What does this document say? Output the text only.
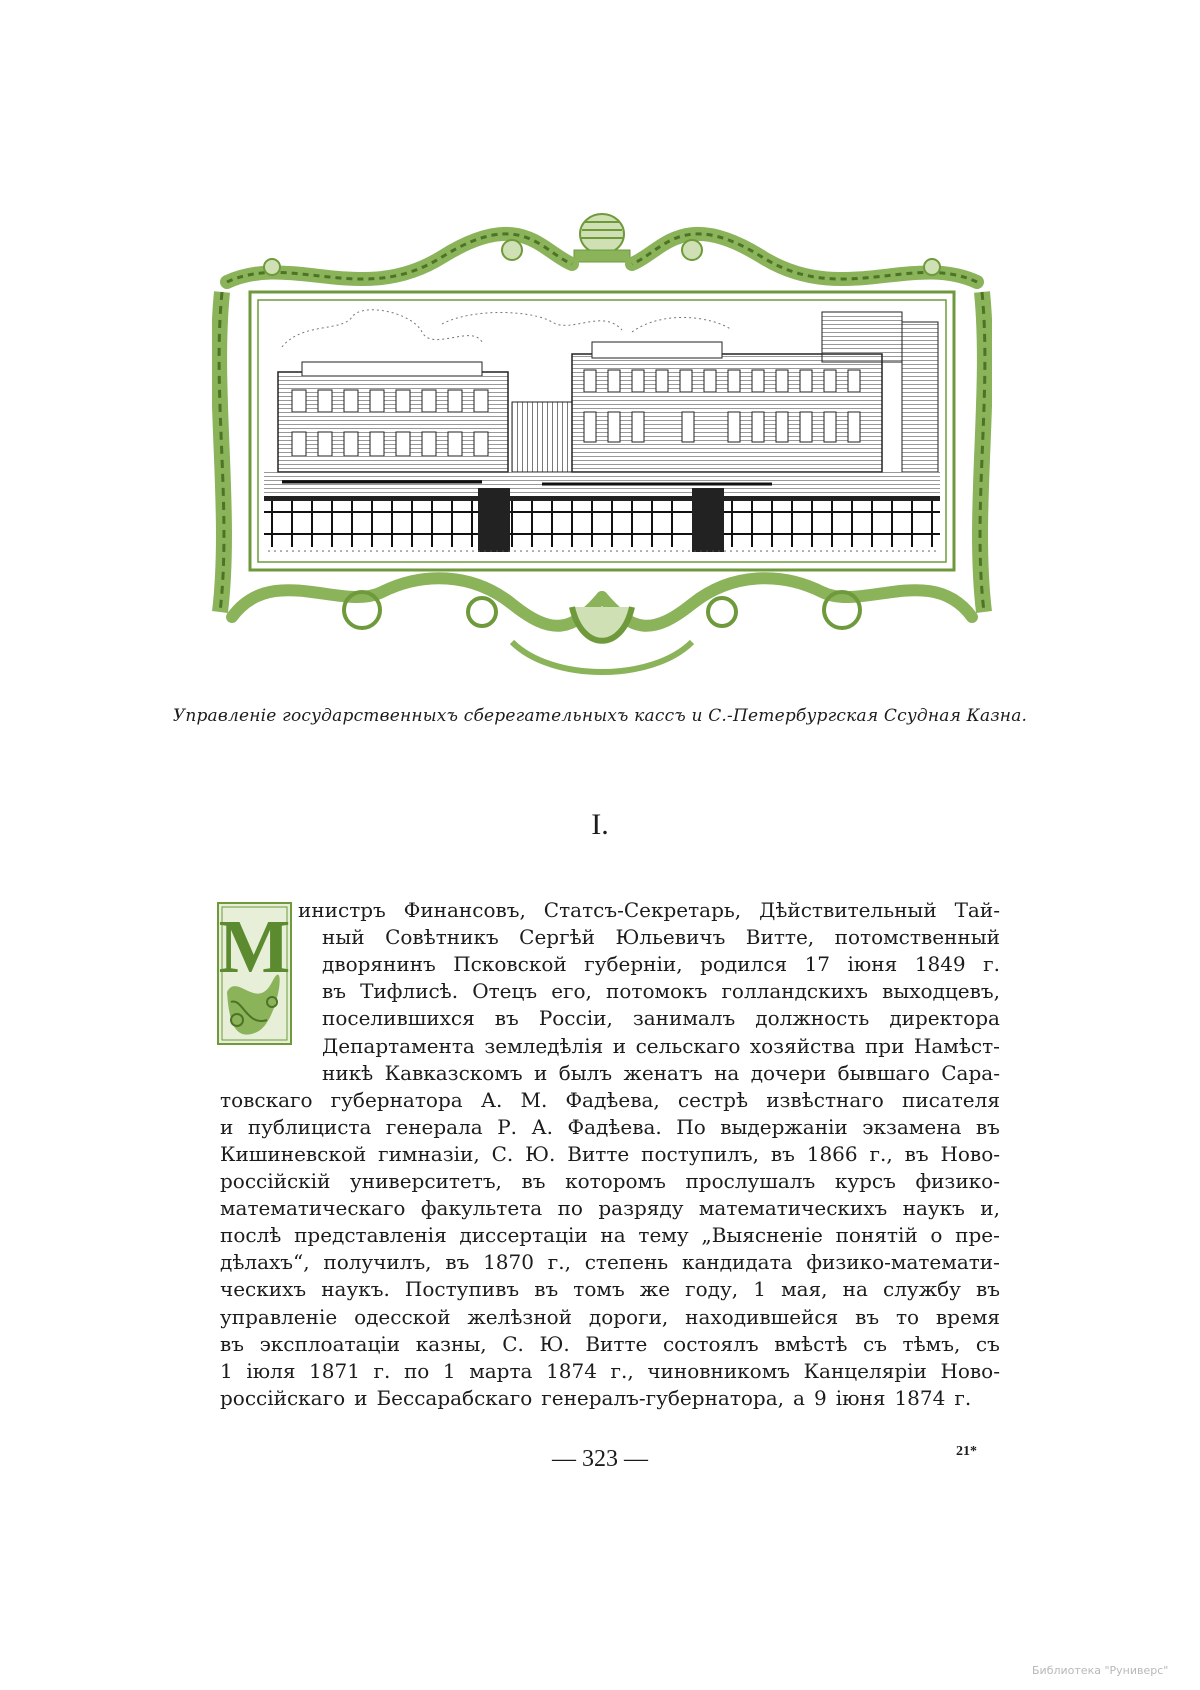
Управленіе государственныхъ сберегательныхъ кассъ и С.-Петербургская Ссудная Казна.
I.
М инистръ Финансовъ, Статсъ-Секретарь, Дѣйствительный Тай-
ный Совѣтникъ Сергѣй Юльевичъ Витте, потомственный
дворянинъ Псковской губерніи, родился 17 іюня 1849 г.
въ Тифлисѣ. Отецъ его, потомокъ голландскихъ выходцевъ,
поселившихся въ Россіи, занималъ должность директора
Департамента земледѣлія и сельскаго хозяйства при Намѣст-
никѣ Кавказскомъ и былъ женатъ на дочери бывшаго Сара-
товскаго губернатора А. М. Фадѣева, сестрѣ извѣстнаго писателя
и публициста генерала Р. А. Фадѣева. По выдержаніи экзамена въ
Кишиневской гимназіи, С. Ю. Витте поступилъ, въ 1866 г., въ Ново-
россійскій университетъ, въ которомъ прослушалъ курсъ физико-
математическаго факультета по разряду математическихъ наукъ и,
послѣ представленія диссертаціи на тему „Выясненіе понятій о пре-
дѣлахъ“, получилъ, въ 1870 г., степень кандидата физико-математи-
ческихъ наукъ. Поступивъ въ томъ же году, 1 мая, на службу въ
управленіе одесской желѣзной дороги, находившейся въ то время
въ эксплоатаціи казны, С. Ю. Витте состоялъ вмѣстѣ съ тѣмъ, съ
1 іюля 1871 г. по 1 марта 1874 г., чиновникомъ Канцеляріи Ново-
россійскаго и Бессарабскаго генералъ-губернатора, а 9 іюня 1874 г.
— 323 —	21*
Библиотека "Руниверс"
